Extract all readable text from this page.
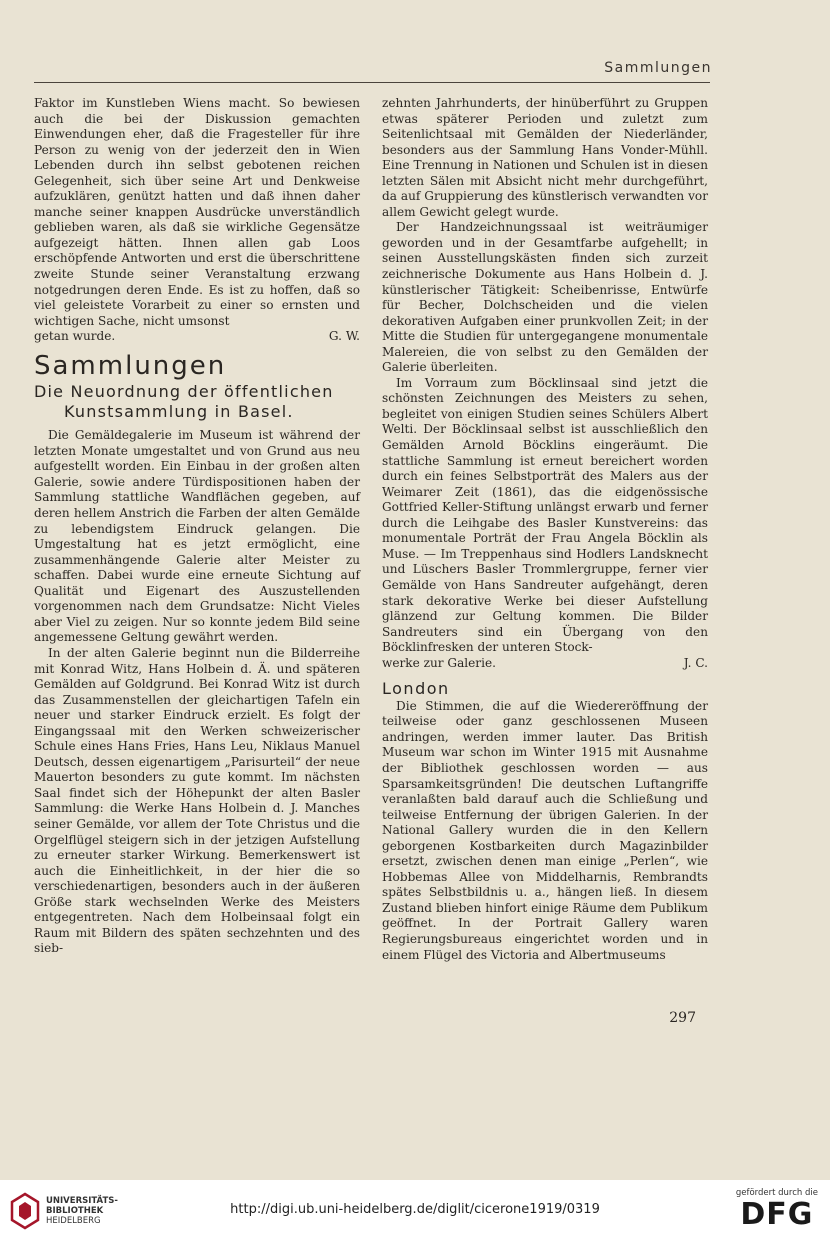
Sammlungen

Faktor im Kunstleben Wiens macht. So bewiesen auch die bei der Diskussion gemachten Einwendungen eher, daß die Fragesteller für ihre Person zu wenig von der jederzeit den in Wien Lebenden durch ihn selbst gebotenen reichen Gelegenheit, sich über seine Art und Denkweise aufzuklären, genützt hatten und daß ihnen daher manche seiner knappen Ausdrücke unverständlich geblieben waren, als daß sie wirkliche Gegensätze aufgezeigt hätten. Ihnen allen gab Loos erschöpfende Antworten und erst die überschrittene zweite Stunde seiner Veranstaltung erzwang notgedrungen deren Ende. Es ist zu hoffen, daß so viel geleistete Vorarbeit zu einer so ernsten und wichtigen Sache, nicht umsonst

getan wurde.	G. W.
Sammlungen
Die Neuordnung der öffentlichen
Kunstsammlung in Basel.

Die Gemäldegalerie im Museum ist während der letzten Monate umgestaltet und von Grund aus neu aufgestellt worden. Ein Einbau in der großen alten Galerie, sowie andere Türdispositionen haben der Sammlung stattliche Wandflächen gegeben, auf deren hellem Anstrich die Farben der alten Gemälde zu lebendigstem Eindruck gelangen. Die Umgestaltung hat es jetzt ermöglicht, eine zusammenhängende Galerie alter Meister zu schaffen. Dabei wurde eine erneute Sichtung auf Qualität und Eigenart des Auszustellenden vorgenommen nach dem Grundsatze: Nicht Vieles aber Viel zu zeigen. Nur so konnte jedem Bild seine angemessene Geltung gewährt werden.

In der alten Galerie beginnt nun die Bilderreihe mit Konrad Witz, Hans Holbein d. Ä. und späteren Gemälden auf Goldgrund. Bei Konrad Witz ist durch das Zusammenstellen der gleichartigen Tafeln ein neuer und starker Eindruck erzielt. Es folgt der Eingangssaal mit den Werken schweizerischer Schule eines Hans Fries, Hans Leu, Niklaus Manuel Deutsch, dessen eigenartigem „Parisurteil“ der neue Mauerton besonders zu gute kommt. Im nächsten Saal findet sich der Höhepunkt der alten Basler Sammlung: die Werke Hans Holbein d. J. Manches seiner Gemälde, vor allem der Tote Christus und die Orgelflügel steigern sich in der jetzigen Aufstellung zu erneuter starker Wirkung. Bemerkenswert ist auch die Einheitlichkeit, in der hier die so verschiedenartigen, besonders auch in der äußeren Größe stark wechselnden Werke des Meisters entgegentreten. Nach dem Holbeinsaal folgt ein Raum mit Bildern des späten sechzehnten und des sieb-

zehnten Jahrhunderts, der hinüberführt zu Gruppen etwas späterer Perioden und zuletzt zum Seitenlichtsaal mit Gemälden der Niederländer, besonders aus der Sammlung Hans Vonder-Mühll. Eine Trennung in Nationen und Schulen ist in diesen letzten Sälen mit Absicht nicht mehr durchgeführt, da auf Gruppierung des künstlerisch verwandten vor allem Gewicht gelegt wurde.

Der Handzeichnungssaal ist weiträumiger geworden und in der Gesamtfarbe aufgehellt; in seinen Ausstellungskästen finden sich zurzeit zeichnerische Dokumente aus Hans Holbein d. J. künstlerischer Tätigkeit: Scheibenrisse, Entwürfe für Becher, Dolchscheiden und die vielen dekorativen Aufgaben einer prunkvollen Zeit; in der Mitte die Studien für untergegangene monumentale Malereien, die von selbst zu den Gemälden der Galerie überleiten.

Im Vorraum zum Böcklinsaal sind jetzt die schönsten Zeichnungen des Meisters zu sehen, begleitet von einigen Studien seines Schülers Albert Welti. Der Böcklinsaal selbst ist ausschließlich den Gemälden Arnold Böcklins eingeräumt. Die stattliche Sammlung ist erneut bereichert worden durch ein feines Selbstporträt des Malers aus der Weimarer Zeit (1861), das die eidgenössische Gottfried Keller-Stiftung unlängst erwarb und ferner durch die Leihgabe des Basler Kunstvereins: das monumentale Porträt der Frau Angela Böcklin als Muse. — Im Treppenhaus sind Hodlers Landsknecht und Lüschers Basler Trommlergruppe, ferner vier Gemälde von Hans Sandreuter aufgehängt, deren stark dekorative Werke bei dieser Aufstellung glänzend zur Geltung kommen. Die Bilder Sandreuters sind ein Übergang von den Böcklinfresken der unteren Stock-

werke zur Galerie.	J. C.
London

Die Stimmen, die auf die Wiedereröffnung der teilweise oder ganz geschlossenen Museen andringen, werden immer lauter. Das British Museum war schon im Winter 1915 mit Ausnahme der Bibliothek geschlossen worden — aus Sparsamkeitsgründen! Die deutschen Luftangriffe veranlaßten bald darauf auch die Schließung und teilweise Entfernung der übrigen Galerien. In der National Gallery wurden die in den Kellern geborgenen Kostbarkeiten durch Magazinbilder ersetzt, zwischen denen man einige „Perlen“, wie Hobbemas Allee von Middelharnis, Rembrandts spätes Selbstbildnis u. a., hängen ließ. In diesem Zustand blieben hinfort einige Räume dem Publikum geöffnet. In der Portrait Gallery waren Regierungsbureaus eingerichtet worden und in einem Flügel des Victoria and Albertmuseums

297
UNIVERSITÄTS-
BIBLIOTHEK
HEIDELBERG
http://digi.ub.uni-heidelberg.de/diglit/cicerone1919/0319
gefördert durch die
DFG
